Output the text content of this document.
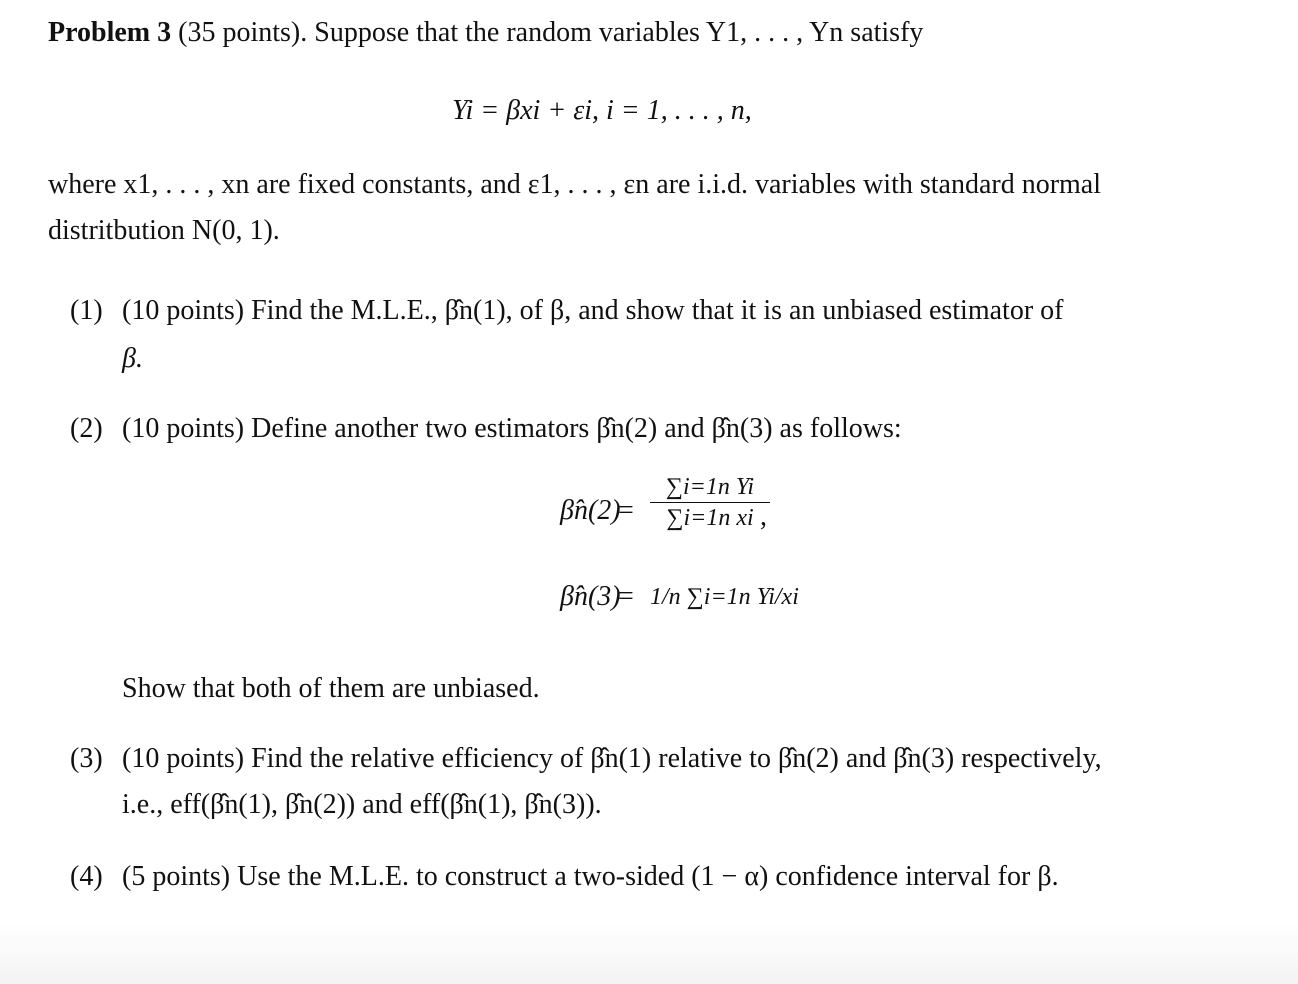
Problem 3 (35 points). Suppose that the random variables Y1, . . . , Yn satisfy
Yi = βxi + εi, i = 1, . . . , n,
where x1, . . . , xn are fixed constants, and ε1, . . . , εn are i.i.d. variables with standard normal
distritbution N(0, 1).
(1) (10 points) Find the M.L.E., β̂n(1), of β, and show that it is an unbiased estimator of
β.
(2) (10 points) Define another two estimators β̂n(2) and β̂n(3) as follows:
β̂n(2)
= $\frac{\text{∑i=1n Yi}}{\text{∑i=1n xi}}$
,
β̂n(3)
= 1/n ∑i=1n Yi/xi
Show that both of them are unbiased.
(3) (10 points) Find the relative efficiency of β̂n(1) relative to β̂n(2) and β̂n(3) respectively,
i.e., eff(β̂n(1), β̂n(2)) and eff(β̂n(1), β̂n(3)).
(4) (5 points) Use the M.L.E. to construct a two-sided (1 − α) confidence interval for β.
